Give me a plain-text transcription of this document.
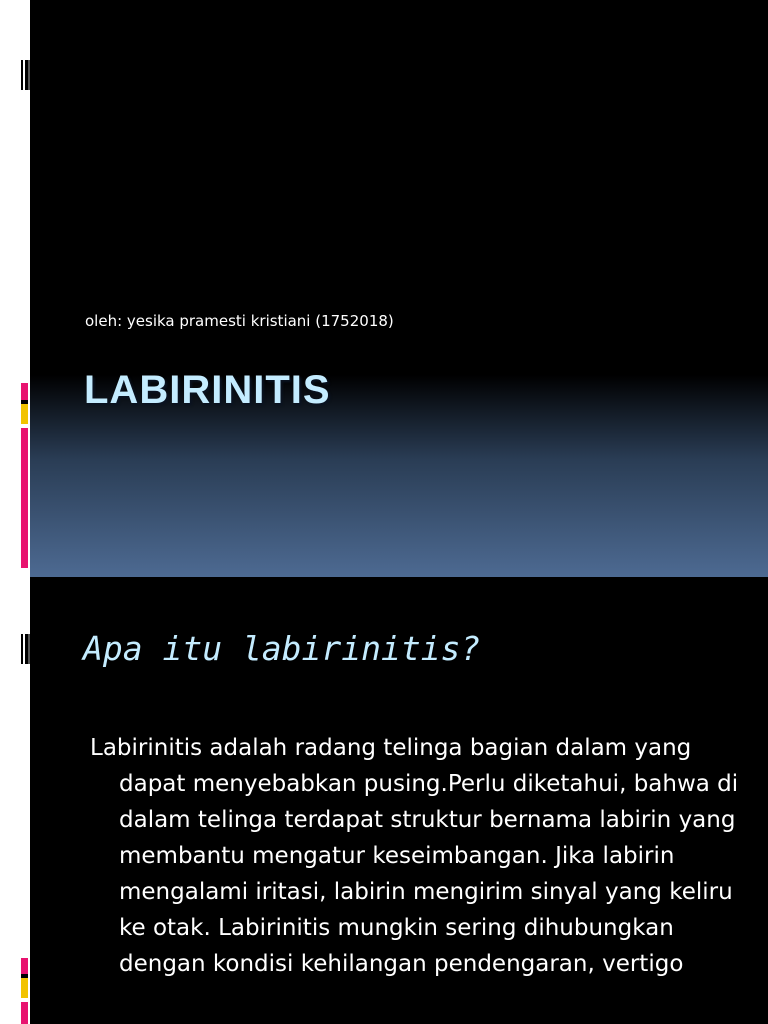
oleh: yesika pramesti kristiani (1752018)
LABIRINITIS
Apa itu labirinitis?

Labirinitis adalah radang telinga bagian dalam yang dapat menyebabkan pusing.Perlu diketahui, bahwa di dalam telinga terdapat struktur bernama labirin yang membantu mengatur keseimbangan. Jika labirin mengalami iritasi, labirin mengirim sinyal yang keliru ke otak. Labirinitis mungkin sering dihubungkan dengan kondisi kehilangan pendengaran, vertigo
